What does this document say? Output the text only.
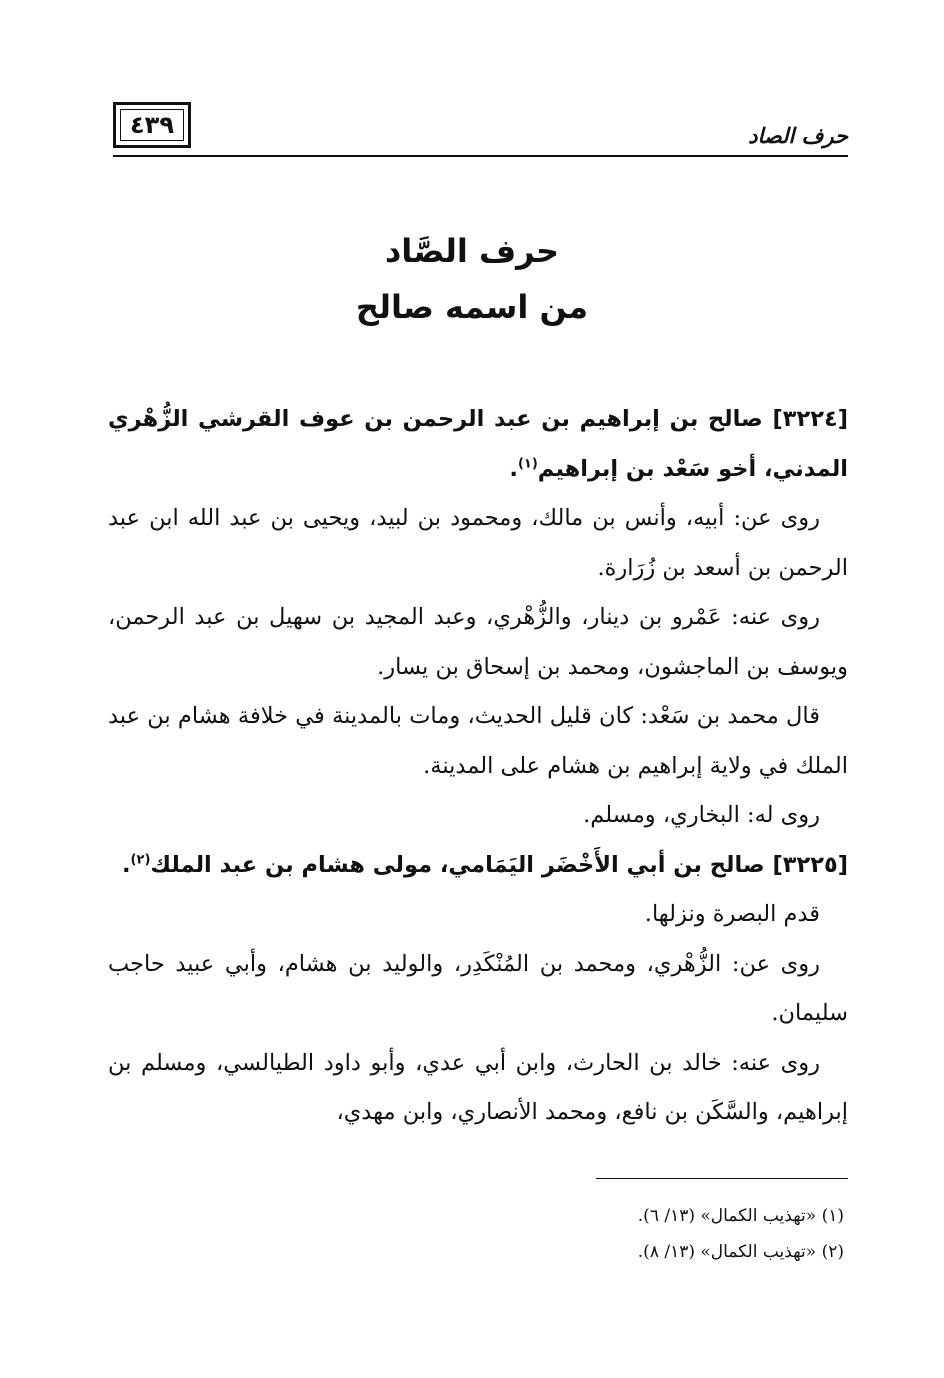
٤٣٩	حرف الصاد
حرف الصَّاد
من اسمه صالح

[٣٢٢٤] صالح بن إبراهيم بن عبد الرحمن بن عوف القرشي الزُّهْري المدني، أخو سَعْد بن إبراهيم$^{(١)}$.

روى عن: أبيه، وأنس بن مالك، ومحمود بن لبيد، ويحيى بن عبد الله ابن عبد الرحمن بن أسعد بن زُرَارة.

روى عنه: عَمْرو بن دينار، والزُّهْري، وعبد المجيد بن سهيل بن عبد الرحمن، ويوسف بن الماجشون، ومحمد بن إسحاق بن يسار.

قال محمد بن سَعْد: كان قليل الحديث، ومات بالمدينة في خلافة هشام بن عبد الملك في ولاية إبراهيم بن هشام على المدينة.

روى له: البخاري، ومسلم.

[٣٢٢٥] صالح بن أبي الأَخْضَر اليَمَامي، مولى هشام بن عبد الملك$^{(٢)}$.

قدم البصرة ونزلها.

روى عن: الزُّهْري، ومحمد بن المُنْكَدِر، والوليد بن هشام، وأبي عبيد حاجب سليمان.

روى عنه: خالد بن الحارث، وابن أبي عدي، وأبو داود الطيالسي، ومسلم بن إبراهيم، والسَّكَن بن نافع، ومحمد الأنصاري، وابن مهدي،

(١) «تهذيب الكمال» (١٣/ ٦).

(٢) «تهذيب الكمال» (١٣/ ٨).
